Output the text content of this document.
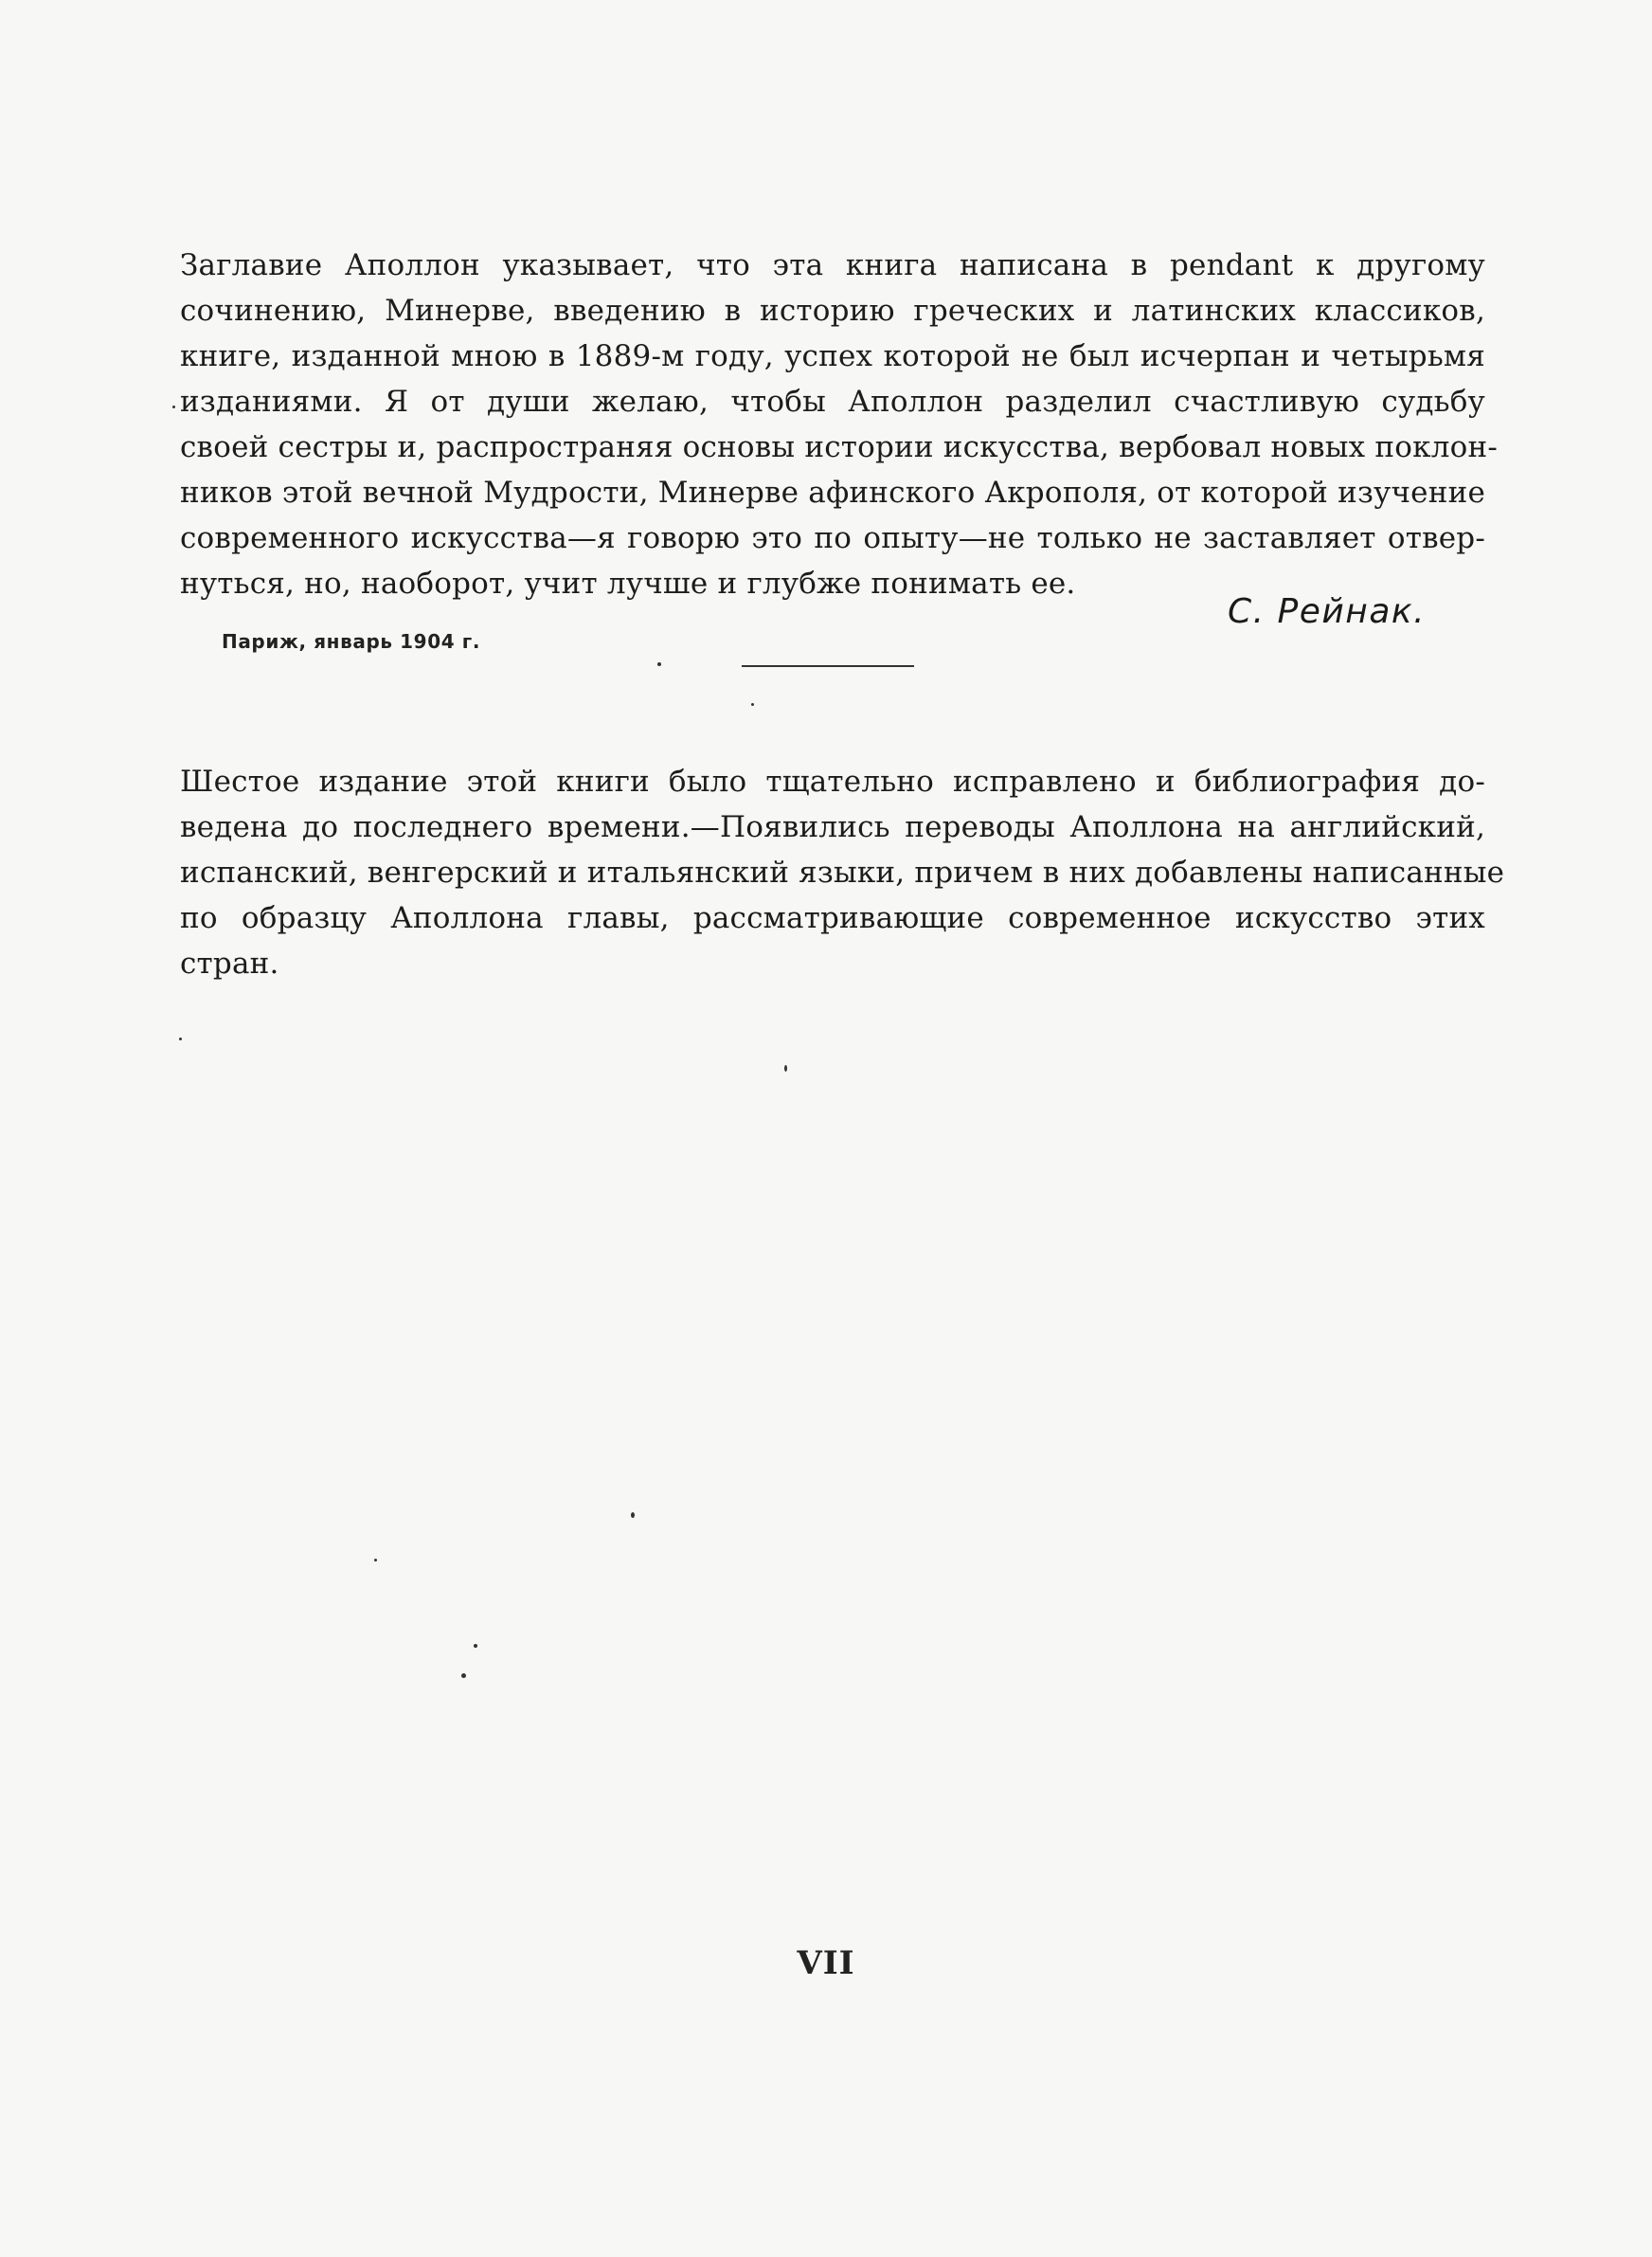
Заглавие Аполлон указывает, что эта книга написана в pendant к другому
сочинению, Минерве, введению в историю греческих и латинских классиков,
книге, изданной мною в 1889-м году, успех которой не был исчерпан и четырьмя
изданиями. Я от души желаю, чтобы Аполлон разделил счастливую судьбу
своей сестры и, распространяя основы истории искусства, вербовал новых поклон-
ников этой вечной Мудрости, Минерве афинского Акрополя, от которой изучение
современного искусства—я говорю это по опыту—не только не заставляет отвер-
нуться, но, наоборот, учит лучше и глубже понимать ее.
С. Рейнак.
Париж, январь 1904 г.
Шестое издание этой книги было тщательно исправлено и библиография до-
ведена до последнего времени.—Появились переводы Аполлона на английский,
испанский, венгерский и итальянский языки, причем в них добавлены написанные
по образцу Аполлона главы, рассматривающие современное искусство этих
стран.
VII
